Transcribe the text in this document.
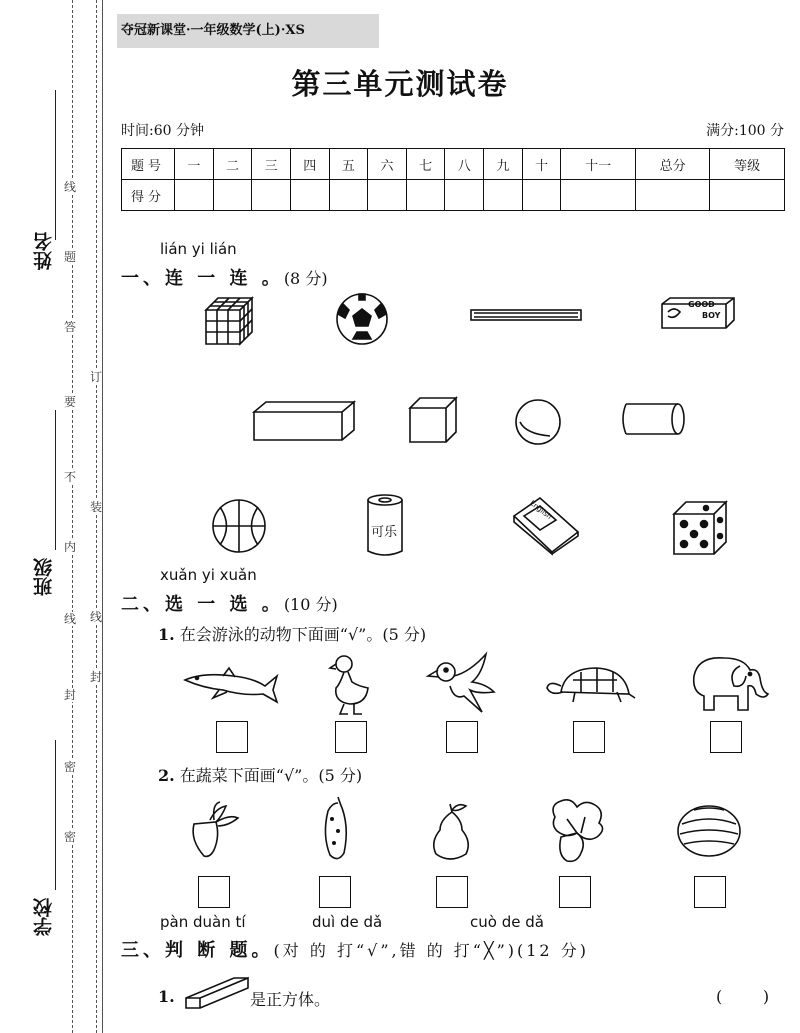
姓名
班级
学校
线
题
答
要
不
内
线
封
密
封
密
装
订
线
夺冠新课堂·一年级数学(上)·XS
第三单元测试卷
时间:60 分钟	满分:100 分
题号	一	二	三	四	五	六	七	八	九	十	十一	总分	等级
得分													
lián yi lián
一、连 一 连 。(8 分)
GOOD
BOY
可乐
English
xuǎn yi xuǎn
二、选 一 选 。(10 分)
1. 在会游泳的动物下面画“√”。(5 分)
2. 在蔬菜下面画“√”。(5 分)
pàn duàn tí	duì de dǎ	cuò de dǎ
三、判 断 题。(对 的 打“√”,错 的 打“╳”)(12 分)
1.	是正方体。	(        )
